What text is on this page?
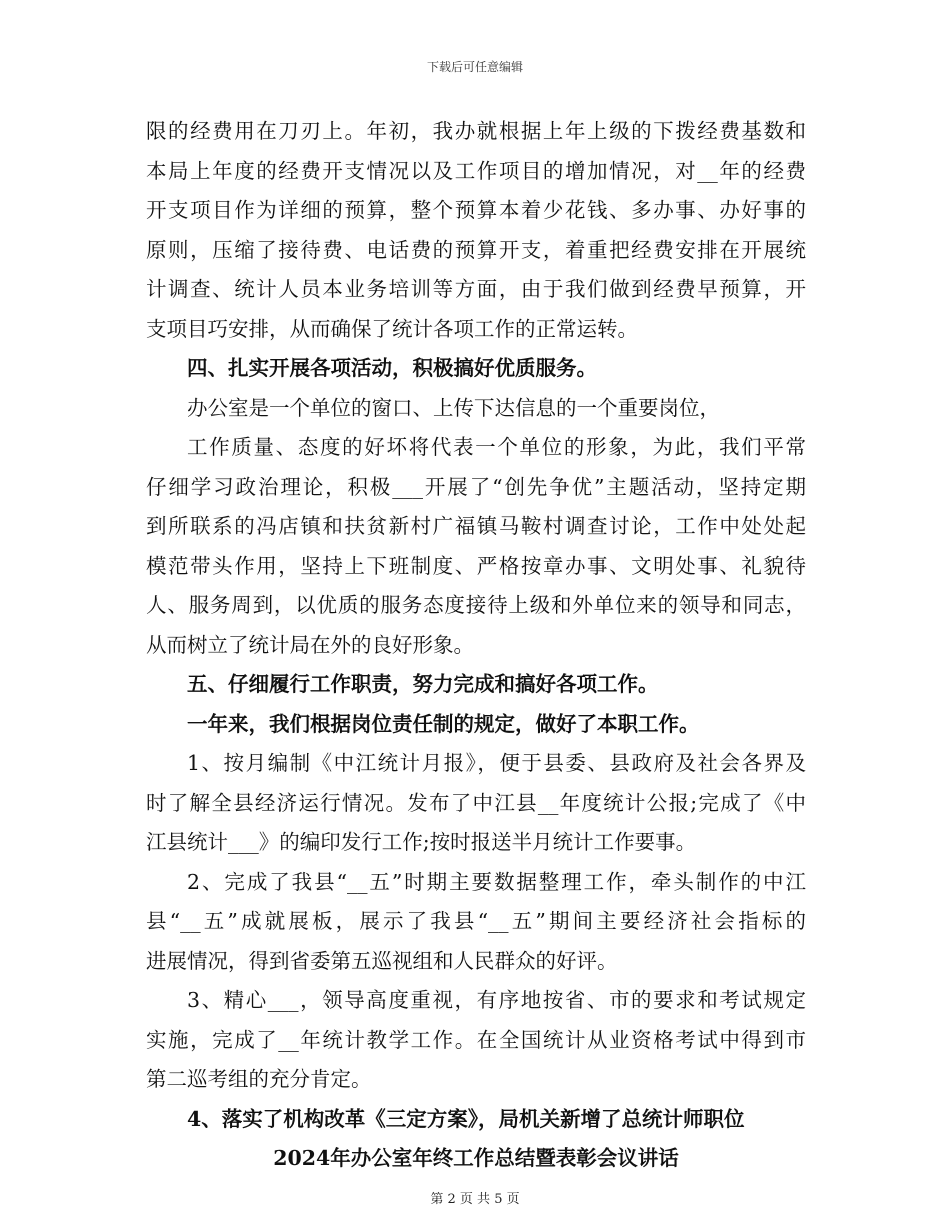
下载后可任意编辑
限的经费用在刀刃上。年初，我办就根据上年上级的下拨经费基数和
本局上年度的经费开支情况以及工作项目的增加情况，对__年的经费
开支项目作为详细的预算，整个预算本着少花钱、多办事、办好事的
原则，压缩了接待费、电话费的预算开支，着重把经费安排在开展统
计调查、统计人员本业务培训等方面，由于我们做到经费早预算，开
支项目巧安排，从而确保了统计各项工作的正常运转。
四、扎实开展各项活动，积极搞好优质服务。
办公室是一个单位的窗口、上传下达信息的一个重要岗位，
工作质量、态度的好坏将代表一个单位的形象，为此，我们平常
仔细学习政治理论，积极___开展了“创先争优”主题活动，坚持定期
到所联系的冯店镇和扶贫新村广福镇马鞍村调查讨论，工作中处处起
模范带头作用，坚持上下班制度、严格按章办事、文明处事、礼貌待
人、服务周到，以优质的服务态度接待上级和外单位来的领导和同志，
从而树立了统计局在外的良好形象。
五、仔细履行工作职责，努力完成和搞好各项工作。
一年来，我们根据岗位责任制的规定，做好了本职工作。
1、按月编制《中江统计月报》，便于县委、县政府及社会各界及
时了解全县经济运行情况。发布了中江县__年度统计公报;完成了《中
江县统计___》的编印发行工作;按时报送半月统计工作要事。
2、完成了我县“__五”时期主要数据整理工作，牵头制作的中江
县“__五”成就展板，展示了我县“__五”期间主要经济社会指标的
进展情况，得到省委第五巡视组和人民群众的好评。
3、精心___，领导高度重视，有序地按省、市的要求和考试规定
实施，完成了__年统计教学工作。在全国统计从业资格考试中得到市
第二巡考组的充分肯定。
4、落实了机构改革《三定方案》，局机关新增了总统计师职位
2024年办公室年终工作总结暨表彰会议讲话
第 2 页 共 5 页
